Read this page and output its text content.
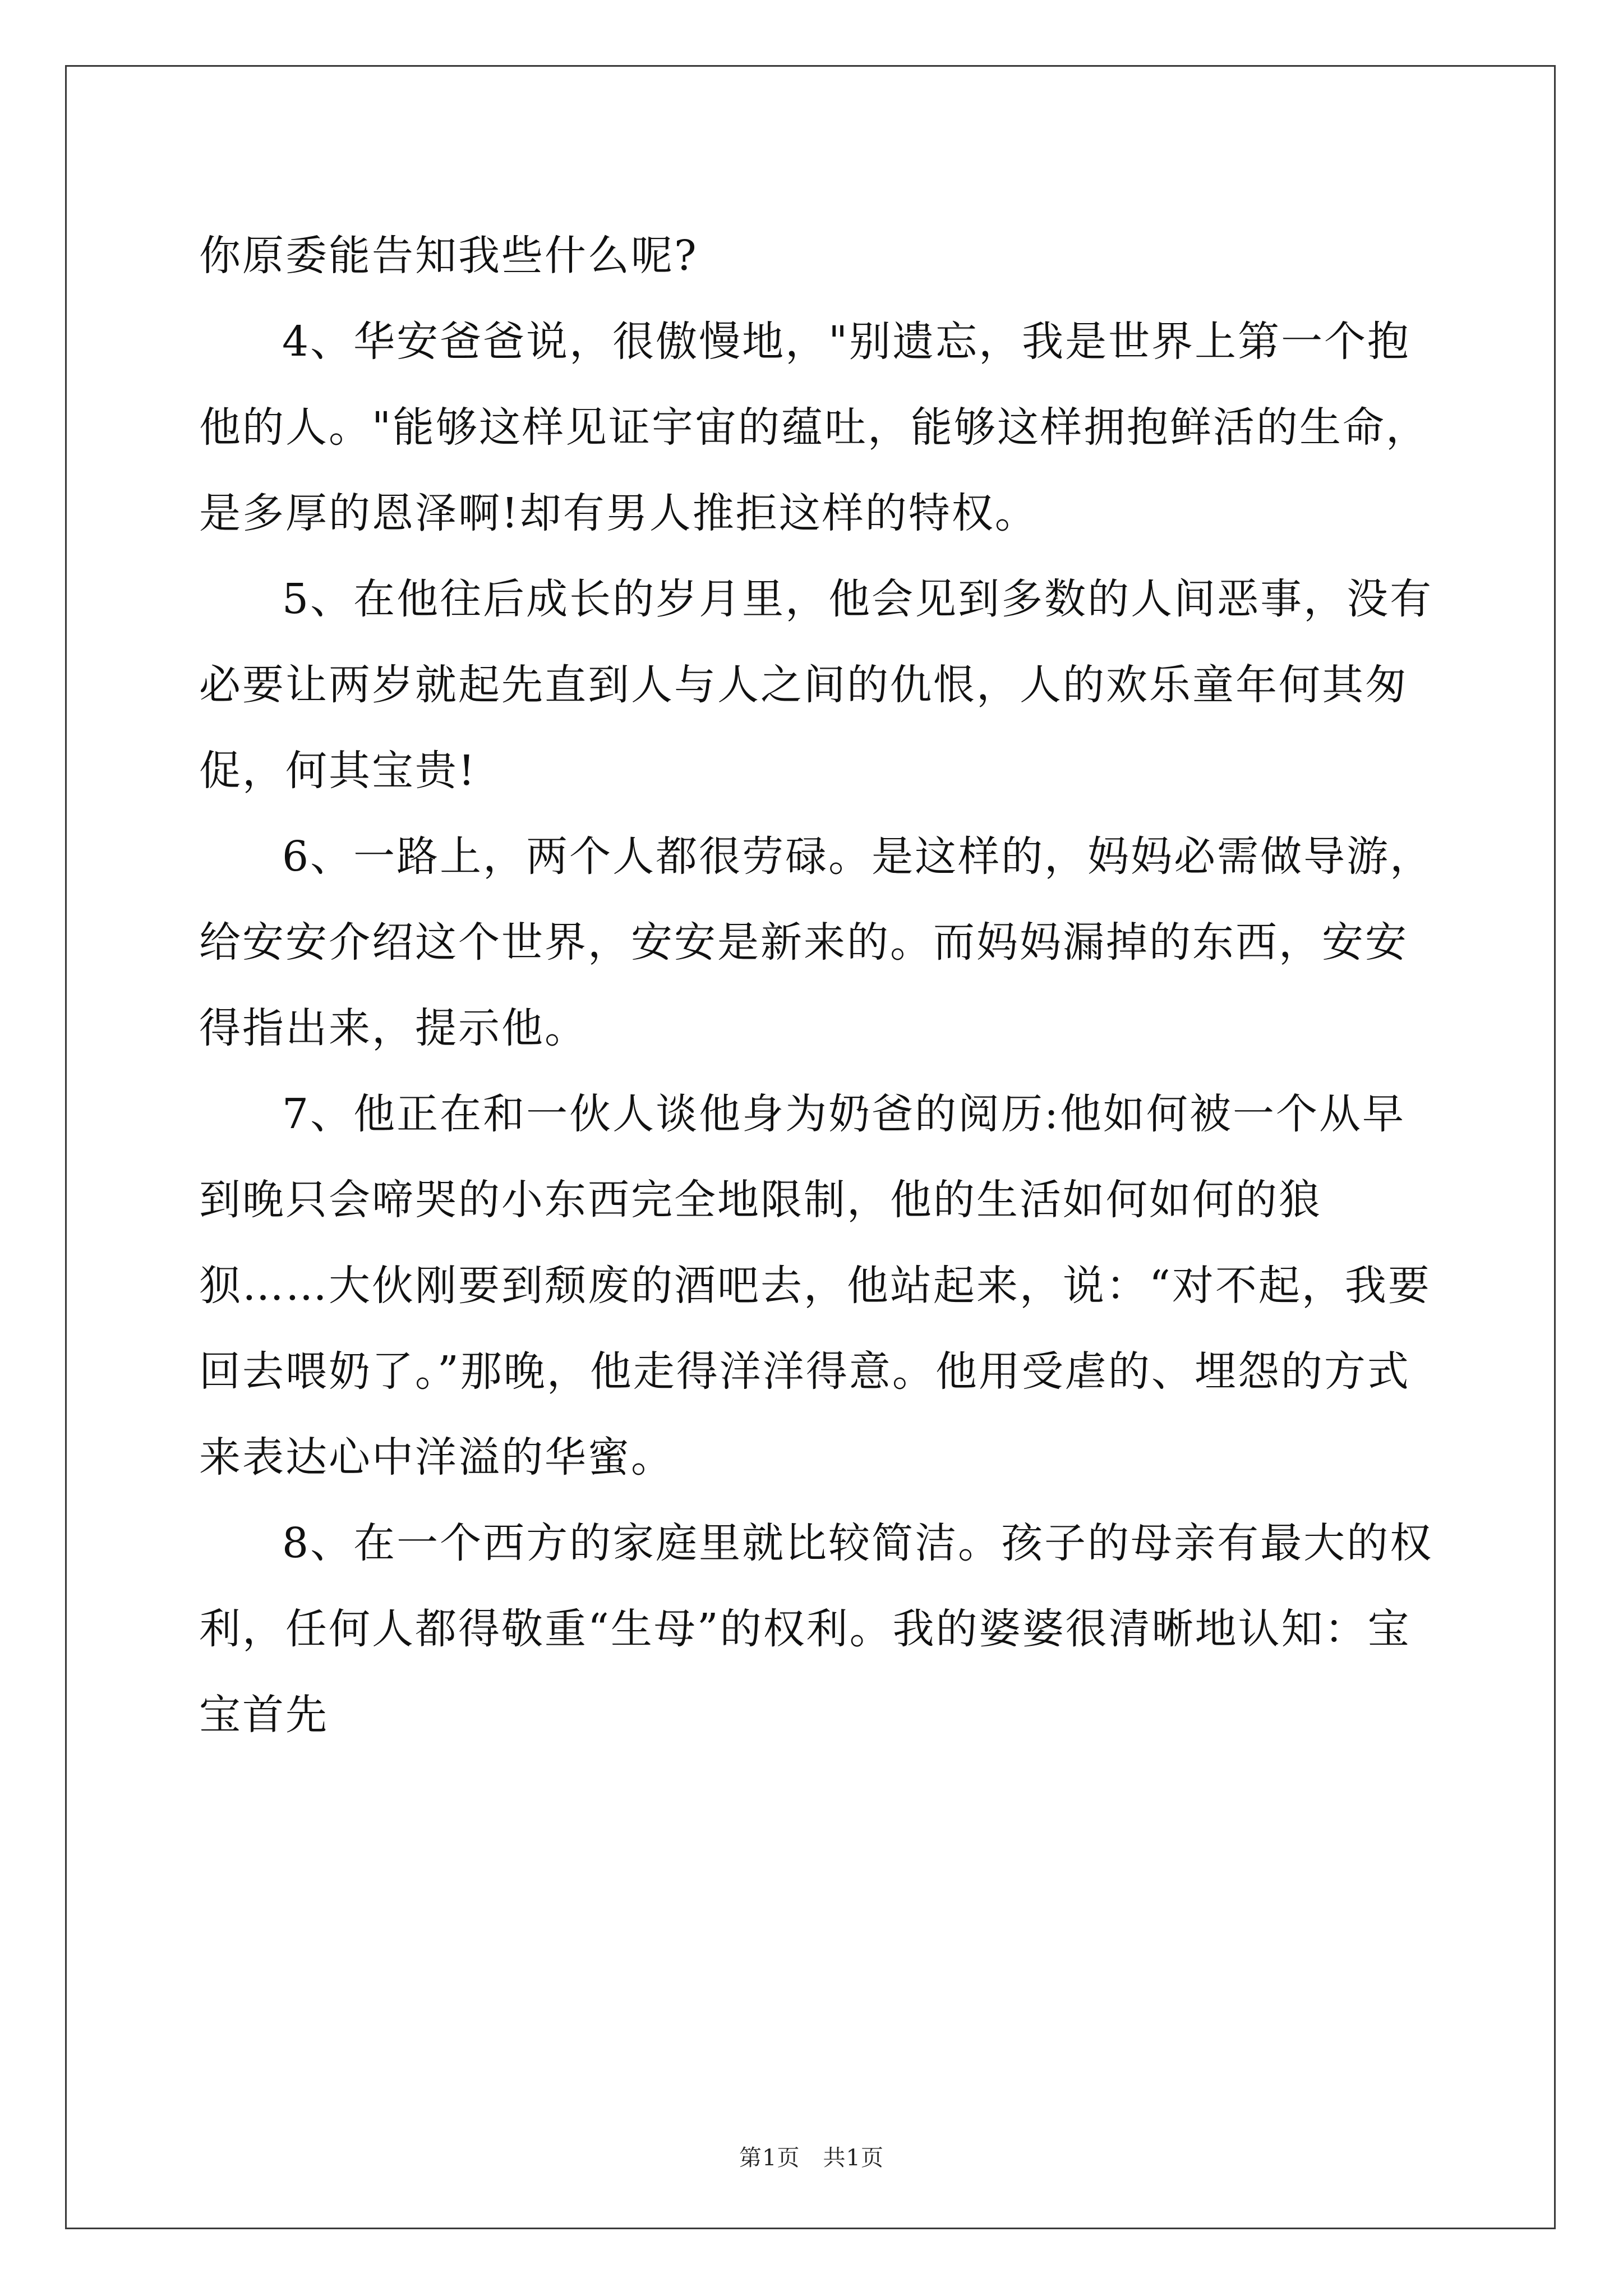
你原委能告知我些什么呢?

4、华安爸爸说，很傲慢地，"别遗忘，我是世界上第一个抱他的人。"能够这样见证宇宙的蕴吐，能够这样拥抱鲜活的生命，是多厚的恩泽啊!却有男人推拒这样的特权。

5、在他往后成长的岁月里，他会见到多数的人间恶事，没有必要让两岁就起先直到人与人之间的仇恨，人的欢乐童年何其匆促，何其宝贵!

6、一路上，两个人都很劳碌。是这样的，妈妈必需做导游，给安安介绍这个世界，安安是新来的。而妈妈漏掉的东西，安安得指出来，提示他。

7、他正在和一伙人谈他身为奶爸的阅历:他如何被一个从早到晚只会啼哭的小东西完全地限制，他的生活如何如何的狼狈……大伙刚要到颓废的酒吧去，他站起来，说：“对不起，我要回去喂奶了。”那晚，他走得洋洋得意。他用受虐的、埋怨的方式来表达心中洋溢的华蜜。

8、在一个西方的家庭里就比较简洁。孩子的母亲有最大的权利，任何人都得敬重“生母”的权利。我的婆婆很清晰地认知：宝宝首先

第1页　共1页
